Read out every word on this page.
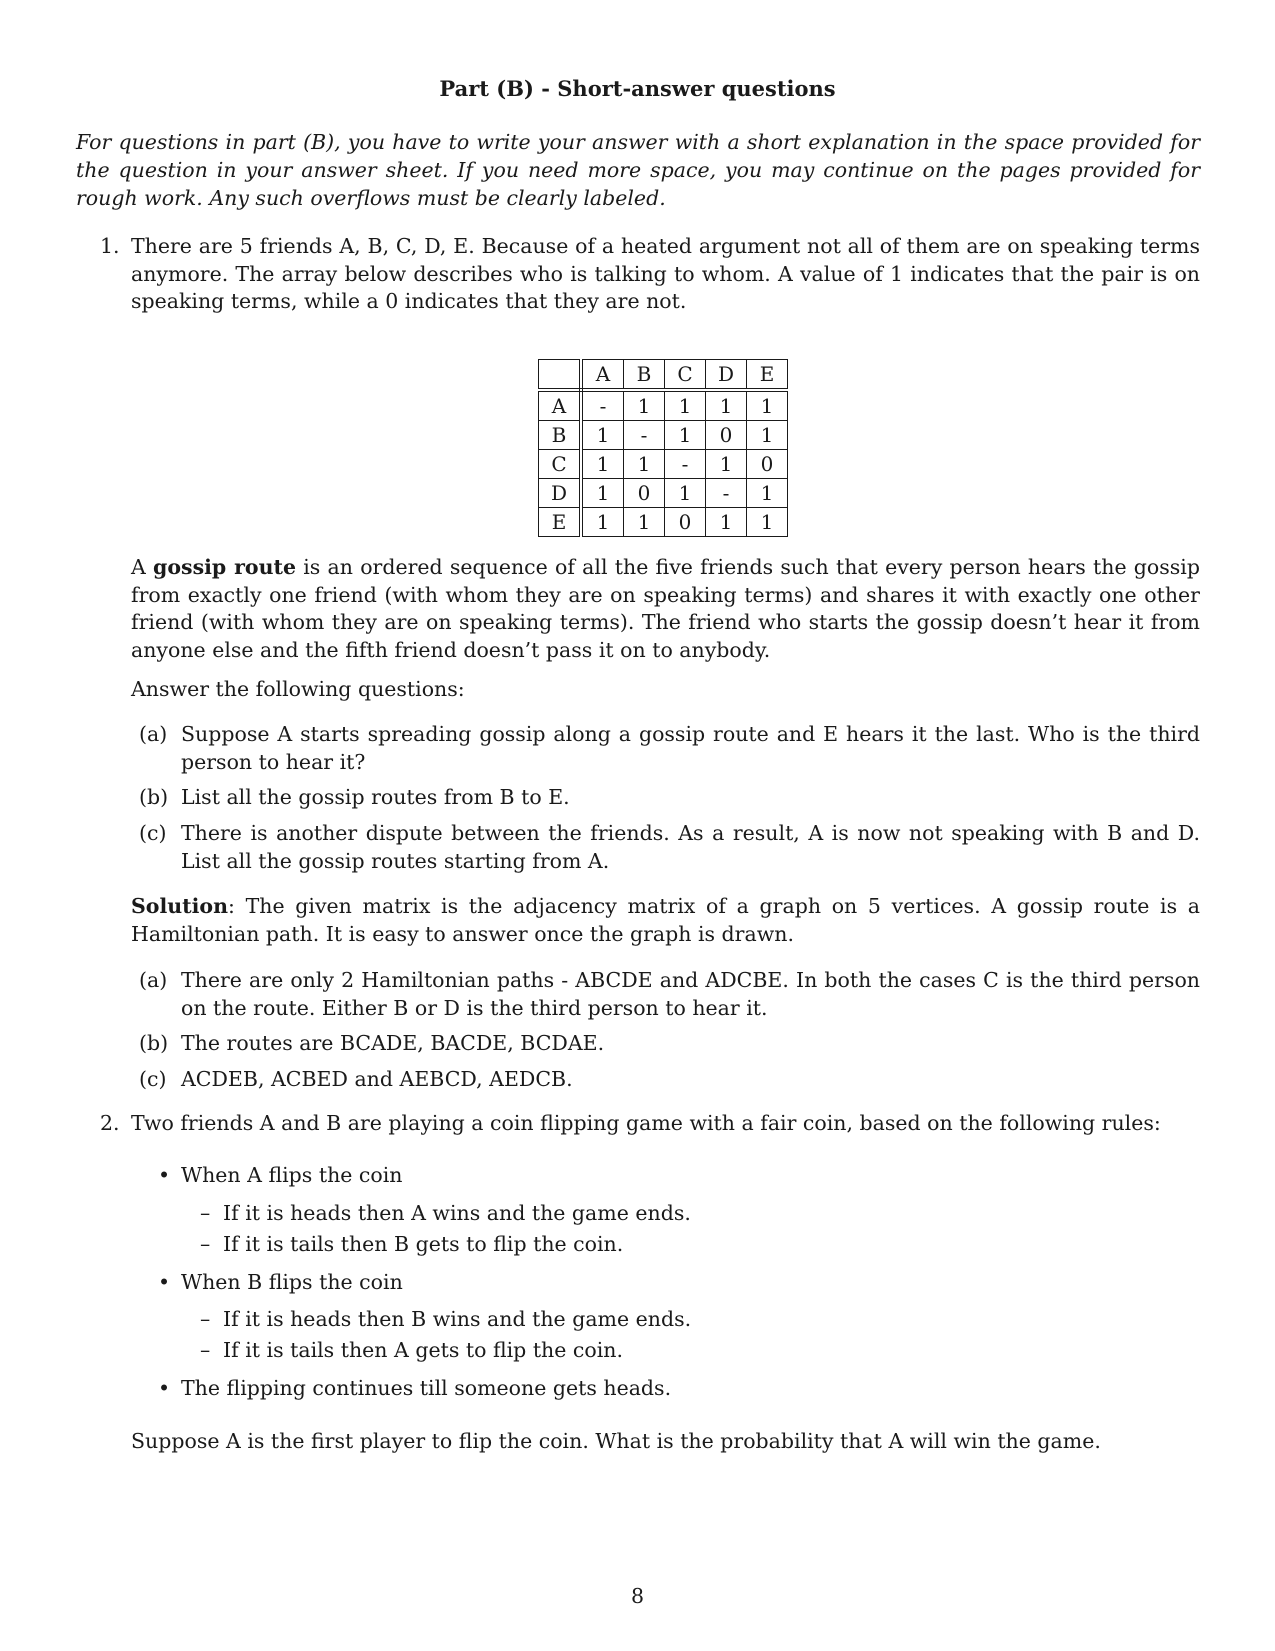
Part (B) - Short-answer questions
For questions in part (B), you have to write your answer with a short explanation in the space provided for the question in your answer sheet. If you need more space, you may continue on the pages provided for rough work. Any such overflows must be clearly labeled.
1. There are 5 friends A, B, C, D, E. Because of a heated argument not all of them are on speaking terms anymore. The array below describes who is talking to whom. A value of 1 indicates that the pair is on speaking terms, while a 0 indicates that they are not.
	A	B	C	D	E
A	-	1	1	1	1
B	1	-	1	0	1
C	1	1	-	1	0
D	1	0	1	-	1
E	1	1	0	1	1
A gossip route is an ordered sequence of all the five friends such that every person hears the gossip from exactly one friend (with whom they are on speaking terms) and shares it with exactly one other friend (with whom they are on speaking terms). The friend who starts the gossip doesn’t hear it from anyone else and the fifth friend doesn’t pass it on to anybody.
Answer the following questions:
(a) Suppose A starts spreading gossip along a gossip route and E hears it the last. Who is the third person to hear it?
(b) List all the gossip routes from B to E.
(c) There is another dispute between the friends. As a result, A is now not speaking with B and D. List all the gossip routes starting from A.
Solution: The given matrix is the adjacency matrix of a graph on 5 vertices. A gossip route is a Hamiltonian path. It is easy to answer once the graph is drawn.
(a) There are only 2 Hamiltonian paths - ABCDE and ADCBE. In both the cases C is the third person on the route. Either B or D is the third person to hear it.
(b) The routes are BCADE, BACDE, BCDAE.
(c) ACDEB, ACBED and AEBCD, AEDCB.
2. Two friends A and B are playing a coin flipping game with a fair coin, based on the following rules:
• When A flips the coin
– If it is heads then A wins and the game ends.
– If it is tails then B gets to flip the coin.
• When B flips the coin
– If it is heads then B wins and the game ends.
– If it is tails then A gets to flip the coin.
• The flipping continues till someone gets heads.
Suppose A is the first player to flip the coin. What is the probability that A will win the game.
8
